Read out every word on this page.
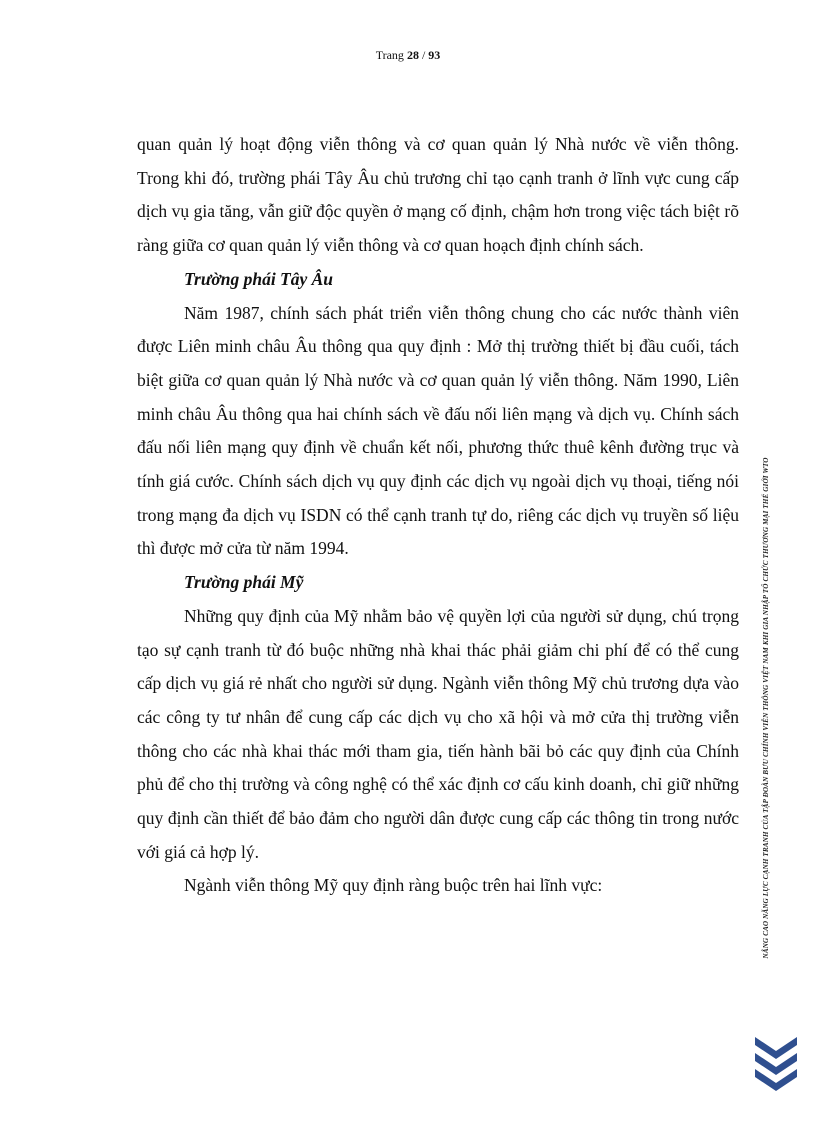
Trang 28 / 93

quan quản lý hoạt động viễn thông và cơ quan quản lý Nhà nước về viễn thông. Trong khi đó, trường phái Tây Âu chủ trương chỉ tạo cạnh tranh ở lĩnh vực cung cấp dịch vụ gia tăng, vẫn giữ độc quyền ở mạng cố định, chậm hơn trong việc tách biệt rõ ràng giữa cơ quan quản lý viễn thông và cơ quan hoạch định chính sách.

Trường phái Tây Âu

Năm 1987, chính sách phát triển viễn thông chung cho các nước thành viên được Liên minh châu Âu thông qua quy định : Mở thị trường thiết bị đầu cuối, tách biệt giữa cơ quan quản lý Nhà nước và cơ quan quản lý viễn thông. Năm 1990, Liên minh châu Âu thông qua hai chính sách về đấu nối liên mạng và dịch vụ. Chính sách đấu nối liên mạng quy định về chuẩn kết nối, phương thức thuê kênh đường trục và tính giá cước. Chính sách dịch vụ quy định các dịch vụ ngoài dịch vụ thoại, tiếng nói trong mạng đa dịch vụ ISDN có thể cạnh tranh tự do, riêng các dịch vụ truyền số liệu thì được mở cửa từ năm 1994.

Trường phái Mỹ

Những quy định của Mỹ nhằm bảo vệ quyền lợi của người sử dụng, chú trọng tạo sự cạnh tranh từ đó buộc những nhà khai thác phải giảm chi phí để có thể cung cấp dịch vụ giá rẻ nhất cho người sử dụng. Ngành viễn thông Mỹ chủ trương dựa vào các công ty tư nhân để cung cấp các dịch vụ cho xã hội và mở cửa thị trường viễn thông cho các nhà khai thác mới tham gia, tiến hành bãi bỏ các quy định của Chính phủ để cho thị trường và công nghệ có thể xác định cơ cấu kinh doanh, chỉ giữ những quy định cần thiết để bảo đảm cho người dân được cung cấp các thông tin trong nước với giá cả hợp lý.

Ngành viễn thông Mỹ quy định ràng buộc trên hai lĩnh vực:	NÂNG CAO NĂNG LỰC CẠNH TRANH CỦA TẬP ĐOÀN BƯU CHÍNH VIỄN THÔNG VIỆT NAM KHI GIA NHẬP TỔ CHỨC THƯƠNG MẠI THẾ GIỚI WTO
